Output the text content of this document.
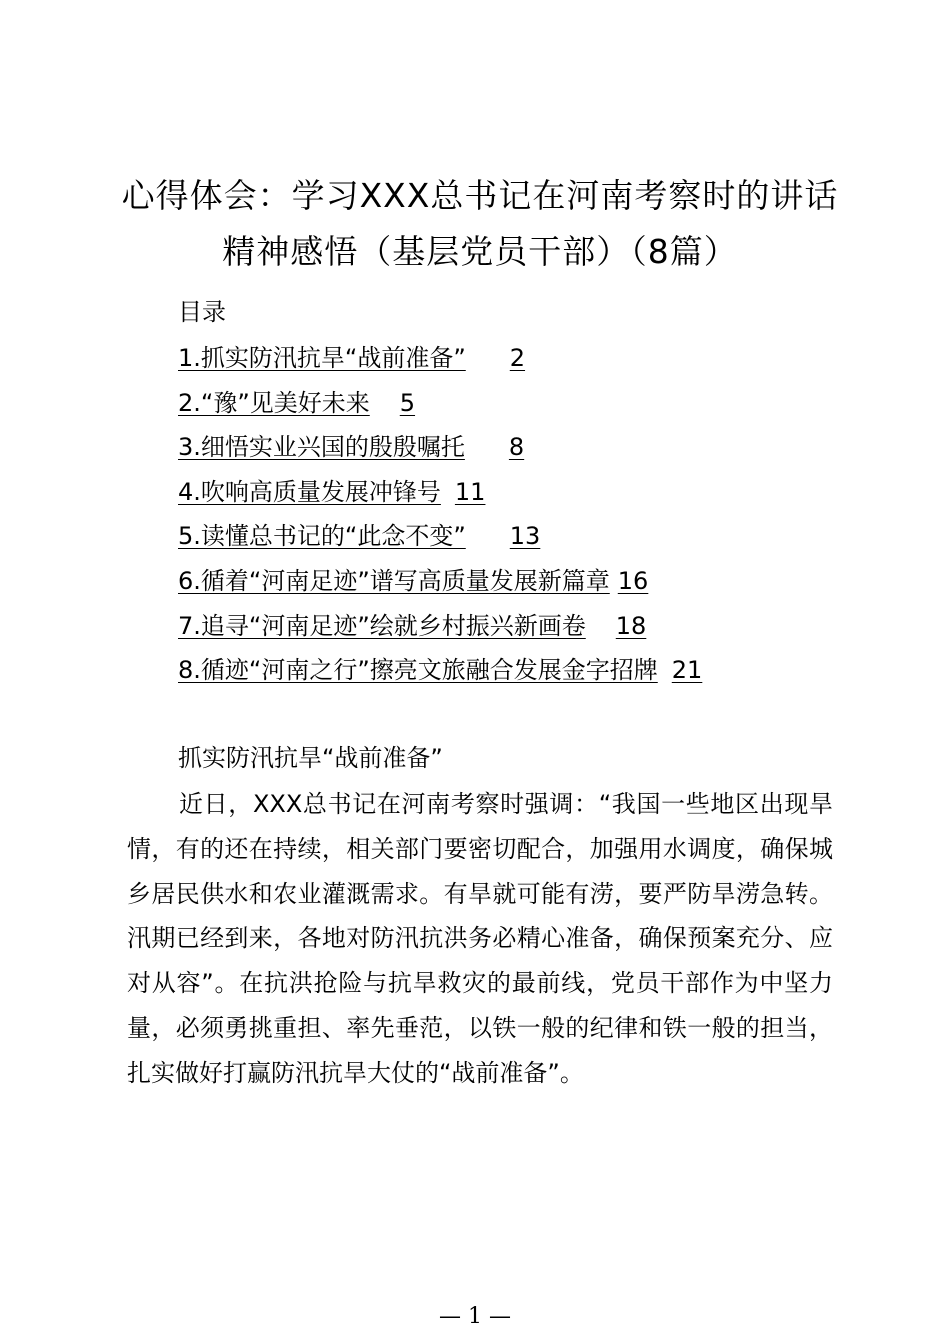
心得体会：学习XXX总书记在河南考察时的讲话精神感悟（基层党员干部）（8篇）
目录
1.抓实防汛抗旱“战前准备” 2
2.“豫”见美好未来 5
3.细悟实业兴国的殷殷嘱托 8
4.吹响高质量发展冲锋号 11
5.读懂总书记的“此念不变” 13
6.循着“河南足迹”谱写高质量发展新篇章 16
7.追寻“河南足迹”绘就乡村振兴新画卷 18
8.循迹“河南之行”擦亮文旅融合发展金字招牌 21
抓实防汛抗旱“战前准备”

近日，XXX总书记在河南考察时强调：“我国一些地区出现旱情，有的还在持续，相关部门要密切配合，加强用水调度，确保城乡居民供水和农业灌溉需求。有旱就可能有涝，要严防旱涝急转。汛期已经到来，各地对防汛抗洪务必精心准备，确保预案充分、应对从容”。在抗洪抢险与抗旱救灾的最前线，党员干部作为中坚力量，必须勇挑重担、率先垂范，以铁一般的纪律和铁一般的担当，扎实做好打赢防汛抗旱大仗的“战前准备”。

— 1 —
